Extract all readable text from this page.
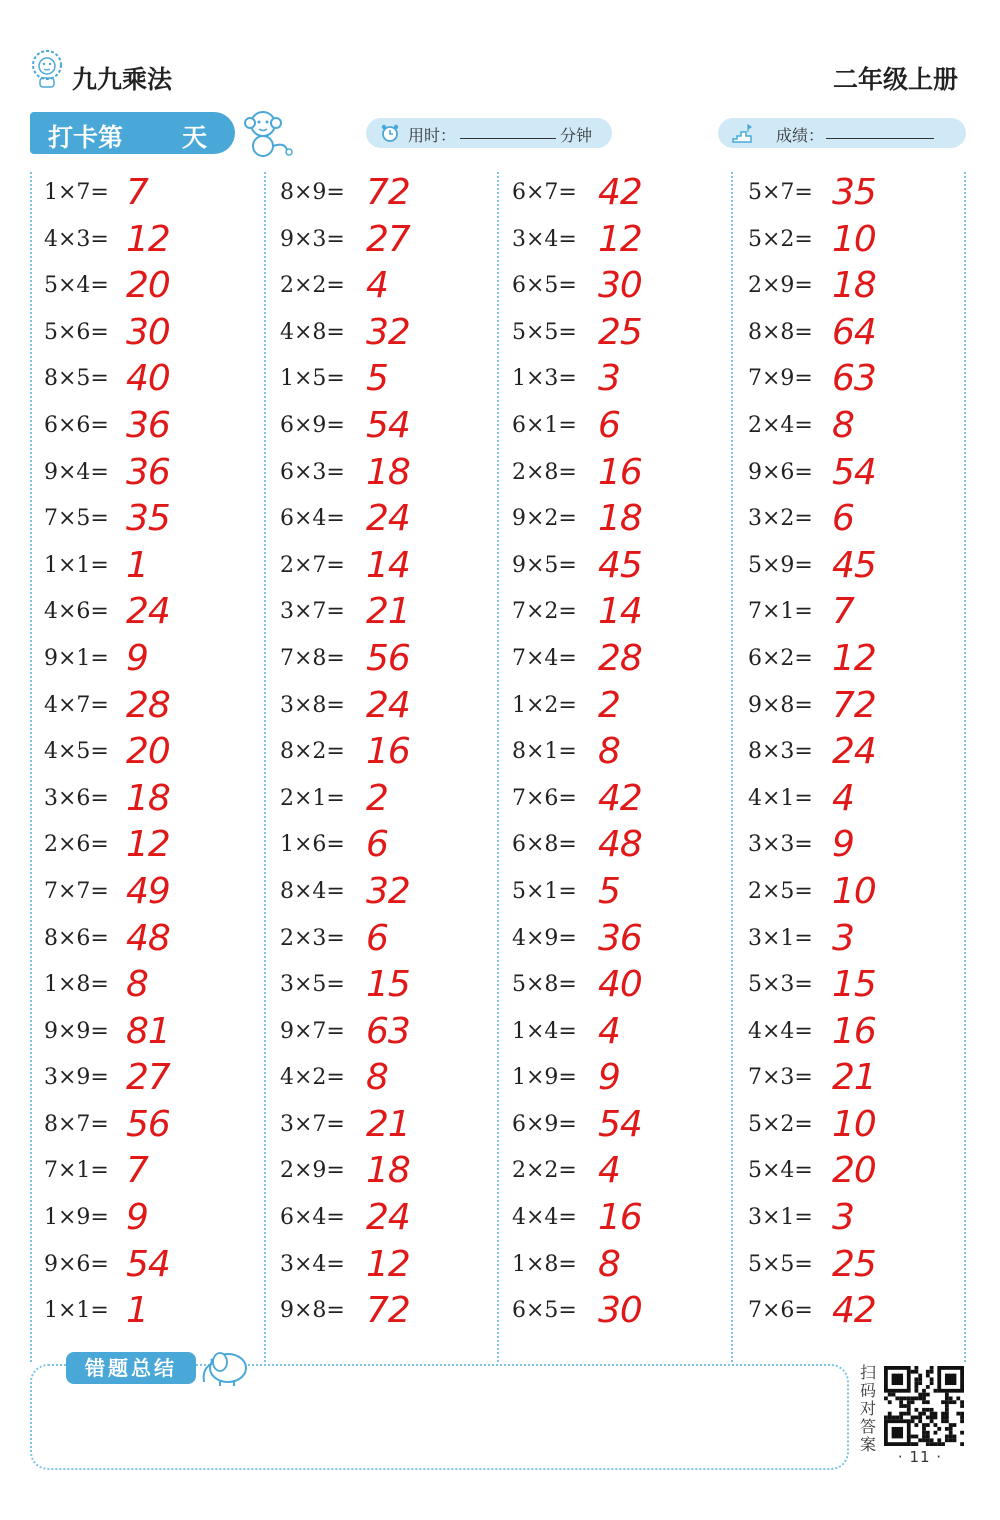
九九乘法	二年级上册
打卡第 天	用时：	分钟	成绩：
1×7= 7
4×3= 12
5×4= 20
5×6= 30
8×5= 40
6×6= 36
9×4= 36
7×5= 35
1×1= 1
4×6= 24
9×1= 9
4×7= 28
4×5= 20
3×6= 18
2×6= 12
7×7= 49
8×6= 48
1×8= 8
9×9= 81
3×9= 27
8×7= 56
7×1= 7
1×9= 9
9×6= 54
1×1= 1
8×9= 72
9×3= 27
2×2= 4
4×8= 32
1×5= 5
6×9= 54
6×3= 18
6×4= 24
2×7= 14
3×7= 21
7×8= 56
3×8= 24
8×2= 16
2×1= 2
1×6= 6
8×4= 32
2×3= 6
3×5= 15
9×7= 63
4×2= 8
3×7= 21
2×9= 18
6×4= 24
3×4= 12
9×8= 72
6×7= 42
3×4= 12
6×5= 30
5×5= 25
1×3= 3
6×1= 6
2×8= 16
9×2= 18
9×5= 45
7×2= 14
7×4= 28
1×2= 2
8×1= 8
7×6= 42
6×8= 48
5×1= 5
4×9= 36
5×8= 40
1×4= 4
1×9= 9
6×9= 54
2×2= 4
4×4= 16
1×8= 8
6×5= 30
5×7= 35
5×2= 10
2×9= 18
8×8= 64
7×9= 63
2×4= 8
9×6= 54
3×2= 6
5×9= 45
7×1= 7
6×2= 12
9×8= 72
8×3= 24
4×1= 4
3×3= 9
2×5= 10
3×1= 3
5×3= 15
4×4= 16
7×3= 21
5×2= 10
5×4= 20
3×1= 3
5×5= 25
7×6= 42
错题总结	扫码对答案
· 11 ·
